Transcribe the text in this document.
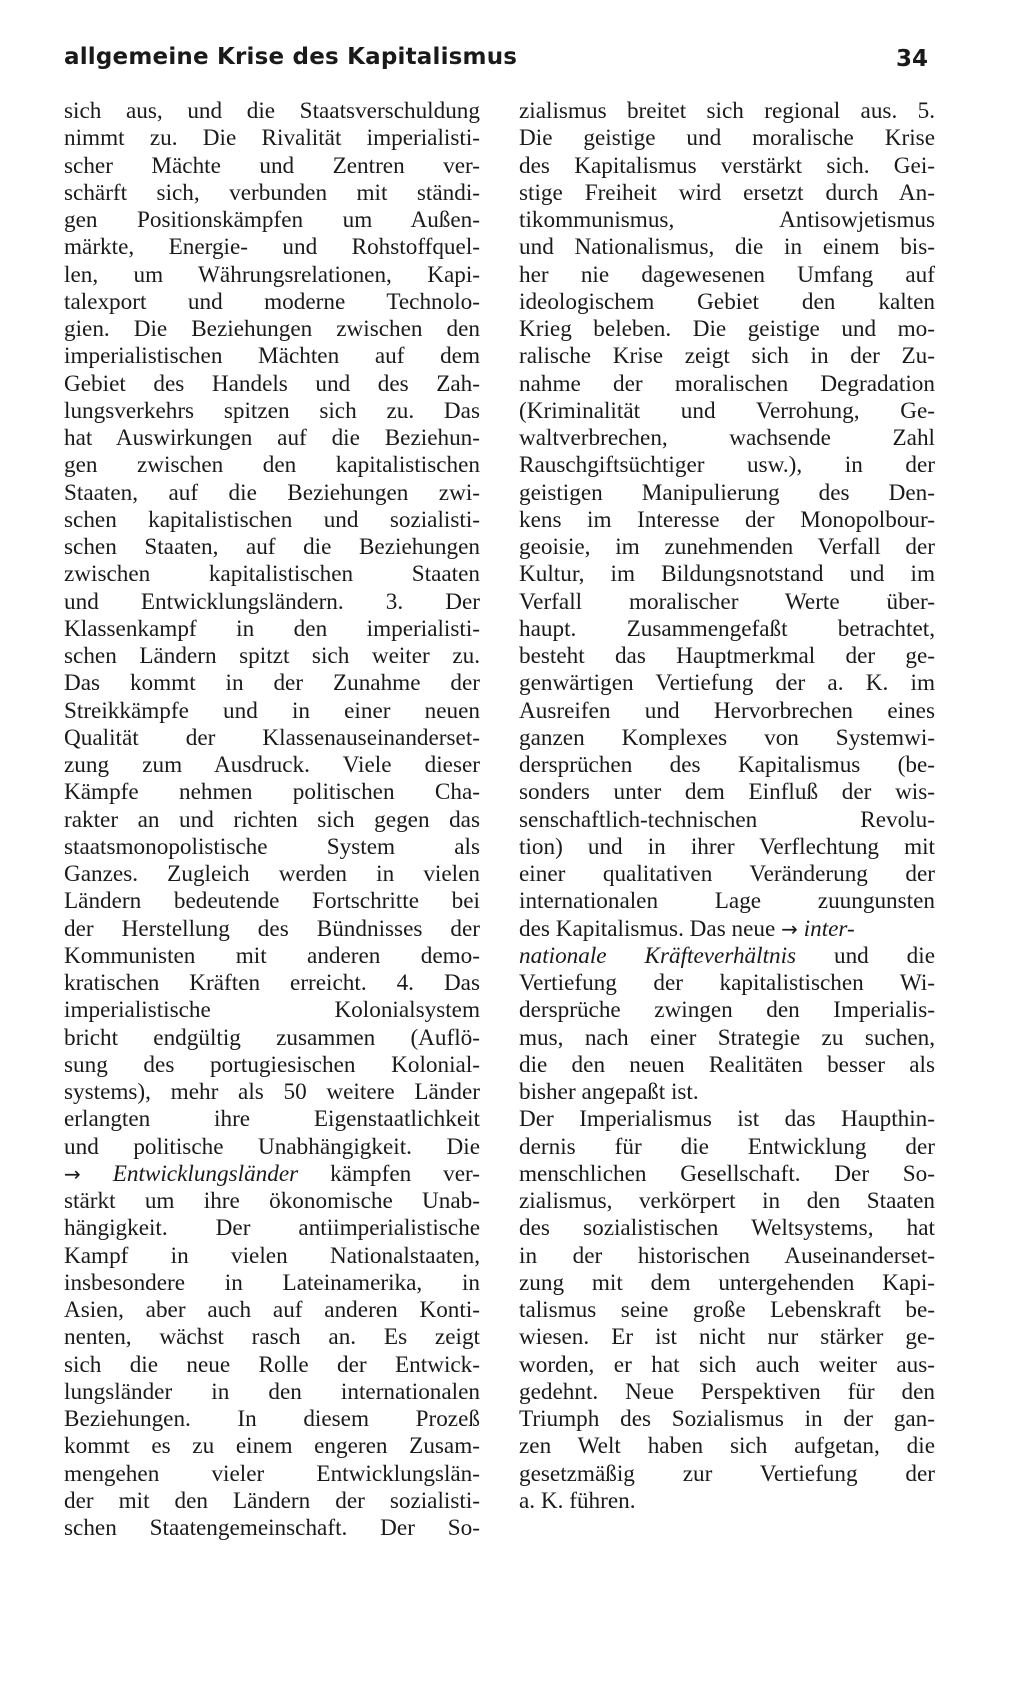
allgemeine Krise des Kapitalismus	34
sich aus, und die Staatsverschuldung
nimmt zu. Die Rivalität imperialisti-
scher Mächte und Zentren ver-
schärft sich, verbunden mit ständi-
gen Positionskämpfen um Außen-
märkte, Energie- und Rohstoffquel-
len, um Währungsrelationen, Kapi-
talexport und moderne Technolo-
gien. Die Beziehungen zwischen den
imperialistischen Mächten auf dem
Gebiet des Handels und des Zah-
lungsverkehrs spitzen sich zu. Das
hat Auswirkungen auf die Beziehun-
gen zwischen den kapitalistischen
Staaten, auf die Beziehungen zwi-
schen kapitalistischen und sozialisti-
schen Staaten, auf die Beziehungen
zwischen kapitalistischen Staaten
und Entwicklungsländern. 3. Der
Klassenkampf in den imperialisti-
schen Ländern spitzt sich weiter zu.
Das kommt in der Zunahme der
Streikkämpfe und in einer neuen
Qualität der Klassenauseinanderset-
zung zum Ausdruck. Viele dieser
Kämpfe nehmen politischen Cha-
rakter an und richten sich gegen das
staatsmonopolistische System als
Ganzes. Zugleich werden in vielen
Ländern bedeutende Fortschritte bei
der Herstellung des Bündnisses der
Kommunisten mit anderen demo-
kratischen Kräften erreicht. 4. Das
imperialistische Kolonialsystem
bricht endgültig zusammen (Auflö-
sung des portugiesischen Kolonial-
systems), mehr als 50 weitere Länder
erlangten ihre Eigenstaatlichkeit
und politische Unabhängigkeit. Die
→ Entwicklungsländer kämpfen ver-
stärkt um ihre ökonomische Unab-
hängigkeit. Der antiimperialistische
Kampf in vielen Nationalstaaten,
insbesondere in Lateinamerika, in
Asien, aber auch auf anderen Konti-
nenten, wächst rasch an. Es zeigt
sich die neue Rolle der Entwick-
lungsländer in den internationalen
Beziehungen. In diesem Prozeß
kommt es zu einem engeren Zusam-
mengehen vieler Entwicklungslän-
der mit den Ländern der sozialisti-
schen Staatengemeinschaft. Der So-
zialismus breitet sich regional aus. 5.
Die geistige und moralische Krise
des Kapitalismus verstärkt sich. Gei-
stige Freiheit wird ersetzt durch An-
tikommunismus, Antisowjetismus
und Nationalismus, die in einem bis-
her nie dagewesenen Umfang auf
ideologischem Gebiet den kalten
Krieg beleben. Die geistige und mo-
ralische Krise zeigt sich in der Zu-
nahme der moralischen Degradation
(Kriminalität und Verrohung, Ge-
waltverbrechen, wachsende Zahl
Rauschgiftsüchtiger usw.), in der
geistigen Manipulierung des Den-
kens im Interesse der Monopolbour-
geoisie, im zunehmenden Verfall der
Kultur, im Bildungsnotstand und im
Verfall moralischer Werte über-
haupt. Zusammengefaßt betrachtet,
besteht das Hauptmerkmal der ge-
genwärtigen Vertiefung der a. K. im
Ausreifen und Hervorbrechen eines
ganzen Komplexes von Systemwi-
dersprüchen des Kapitalismus (be-
sonders unter dem Einfluß der wis-
senschaftlich-technischen Revolu-
tion) und in ihrer Verflechtung mit
einer qualitativen Veränderung der
internationalen Lage zuungunsten
des Kapitalismus. Das neue → inter-
nationale Kräfteverhältnis und die
Vertiefung der kapitalistischen Wi-
dersprüche zwingen den Imperialis-
mus, nach einer Strategie zu suchen,
die den neuen Realitäten besser als
bisher angepaßt ist.
Der Imperialismus ist das Haupthin-
dernis für die Entwicklung der
menschlichen Gesellschaft. Der So-
zialismus, verkörpert in den Staaten
des sozialistischen Weltsystems, hat
in der historischen Auseinanderset-
zung mit dem untergehenden Kapi-
talismus seine große Lebenskraft be-
wiesen. Er ist nicht nur stärker ge-
worden, er hat sich auch weiter aus-
gedehnt. Neue Perspektiven für den
Triumph des Sozialismus in der gan-
zen Welt haben sich aufgetan, die
gesetzmäßig zur Vertiefung der
a. K. führen.
